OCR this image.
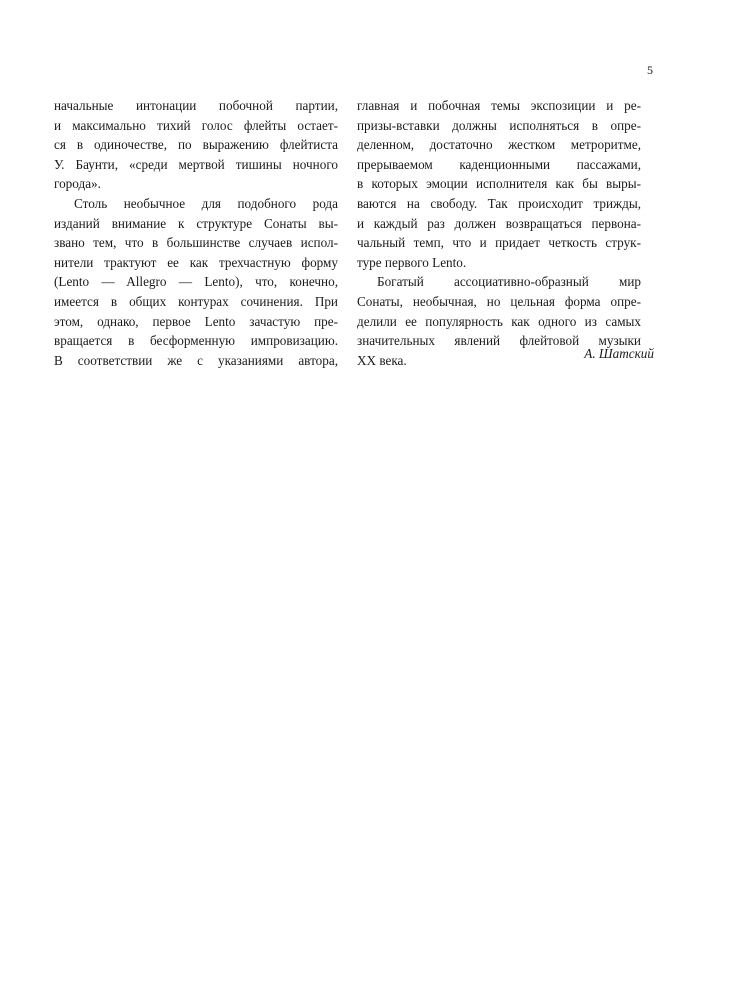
5
начальные интонации побочной партии,
и максимально тихий голос флейты остает-
ся в одиночестве, по выражению флейтиста
У. Баунти, «среди мертвой тишины ночного
города».
Столь необычное для подобного рода
изданий внимание к структуре Сонаты вы-
звано тем, что в большинстве случаев испол-
нители трактуют ее как трехчастную форму
(Lento — Allegro — Lento), что, конечно,
имеется в общих контурах сочинения. При
этом, однако, первое Lento зачастую пре-
вращается в бесформенную импровизацию.
В соответствии же с указаниями автора,
главная и побочная темы экспозиции и ре-
призы-вставки должны исполняться в опре-
деленном, достаточно жестком метроритме,
прерываемом каденционными пассажами,
в которых эмоции исполнителя как бы выры-
ваются на свободу. Так происходит трижды,
и каждый раз должен возвращаться первона-
чальный темп, что и придает четкость струк-
туре первого Lento.
Богатый ассоциативно-образный мир
Сонаты, необычная, но цельная форма опре-
делили ее популярность как одного из самых
значительных явлений флейтовой музыки
XX века.	А. Шатский
